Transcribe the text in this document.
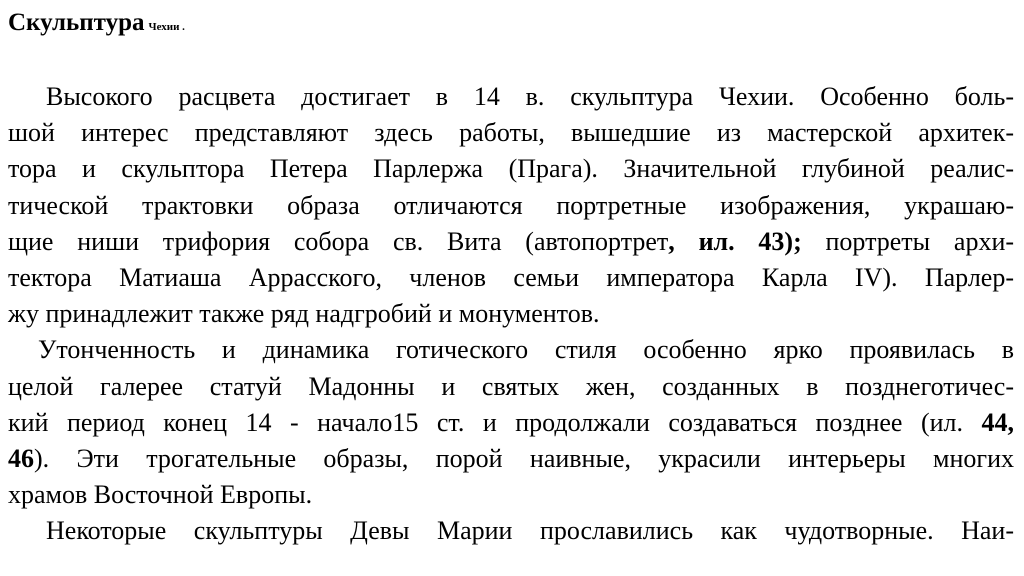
Скульптура Чехии .
Высокого расцвета достигает в 14 в. скульптура Чехии. Особенно боль-
шой интерес представляют здесь работы, вышедшие из мастерской архитек-
тора и скульптора Петера Парлержа (Прага). Значительной глубиной реалис-
тической трактовки образа отличаются портретные изображения, украшаю-
щие ниши трифория собора св. Вита (автопортрет, ил. 43); портреты архи-
тектора Матиаша Аррасского, членов семьи императора Карла IV). Парлер-
жу принадлежит также ряд надгробий и монументов.
Утонченность и динамика готического стиля особенно ярко проявилась в
целой галерее статуй Мадонны и святых жен, созданных в позднеготичес-
кий период конец 14 - начало15 ст. и продолжали создаваться позднее (ил. 44,
46). Эти трогательные образы, порой наивные, украсили интерьеры многих
храмов Восточной Европы.
Некоторые скульптуры Девы Марии прославились как чудотворные. Наи-
